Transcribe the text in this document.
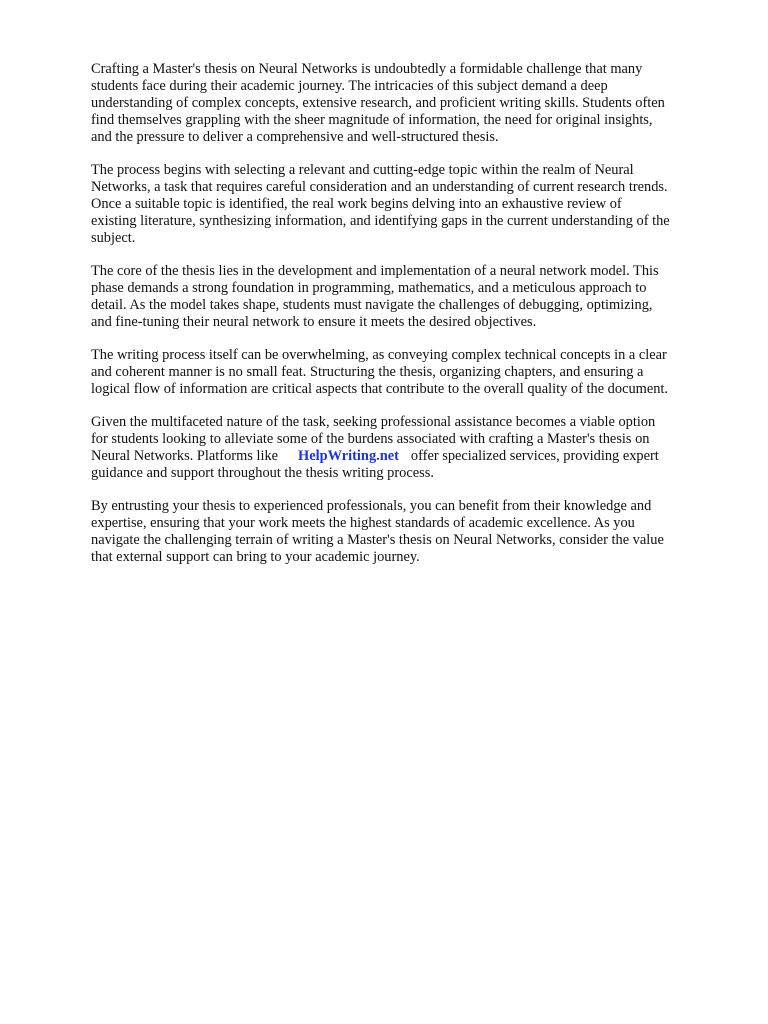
Crafting a Master's thesis on Neural Networks is undoubtedly a formidable challenge that many
students face during their academic journey. The intricacies of this subject demand a deep
understanding of complex concepts, extensive research, and proficient writing skills. Students often
find themselves grappling with the sheer magnitude of information, the need for original insights,
and the pressure to deliver a comprehensive and well-structured thesis.

The process begins with selecting a relevant and cutting-edge topic within the realm of Neural
Networks, a task that requires careful consideration and an understanding of current research trends.
Once a suitable topic is identified, the real work begins delving into an exhaustive review of
existing literature, synthesizing information, and identifying gaps in the current understanding of the
subject.

The core of the thesis lies in the development and implementation of a neural network model. This
phase demands a strong foundation in programming, mathematics, and a meticulous approach to
detail. As the model takes shape, students must navigate the challenges of debugging, optimizing,
and fine-tuning their neural network to ensure it meets the desired objectives.

The writing process itself can be overwhelming, as conveying complex technical concepts in a clear
and coherent manner is no small feat. Structuring the thesis, organizing chapters, and ensuring a
logical flow of information are critical aspects that contribute to the overall quality of the document.

Given the multifaceted nature of the task, seeking professional assistance becomes a viable option
for students looking to alleviate some of the burdens associated with crafting a Master's thesis on
Neural Networks. Platforms like HelpWriting.net offer specialized services, providing expert
guidance and support throughout the thesis writing process.

By entrusting your thesis to experienced professionals, you can benefit from their knowledge and
expertise, ensuring that your work meets the highest standards of academic excellence. As you
navigate the challenging terrain of writing a Master's thesis on Neural Networks, consider the value
that external support can bring to your academic journey.
